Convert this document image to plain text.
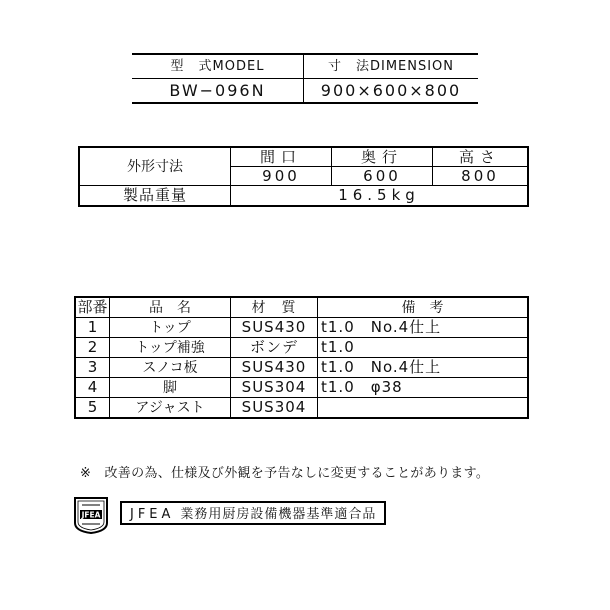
型　式MODEL	寸　法DIMENSION
BW−096N	900×600×800
外形寸法	間口	奥行	高さ
	900	600	800
製品重量	16.5kg		
部番	品　名	材　質	備　考
1	トップ	SUS430	t1.0　No.4仕上
2	トップ補強	ボンデ	t1.0
3	スノコ板	SUS430	t1.0　No.4仕上
4	脚	SUS304	t1.0　φ38
5	アジャスト	SUS304	
※　改善の為、仕様及び外観を予告なしに変更することがあります。
JFEA	JFEA 業務用厨房設備機器基準適合品
